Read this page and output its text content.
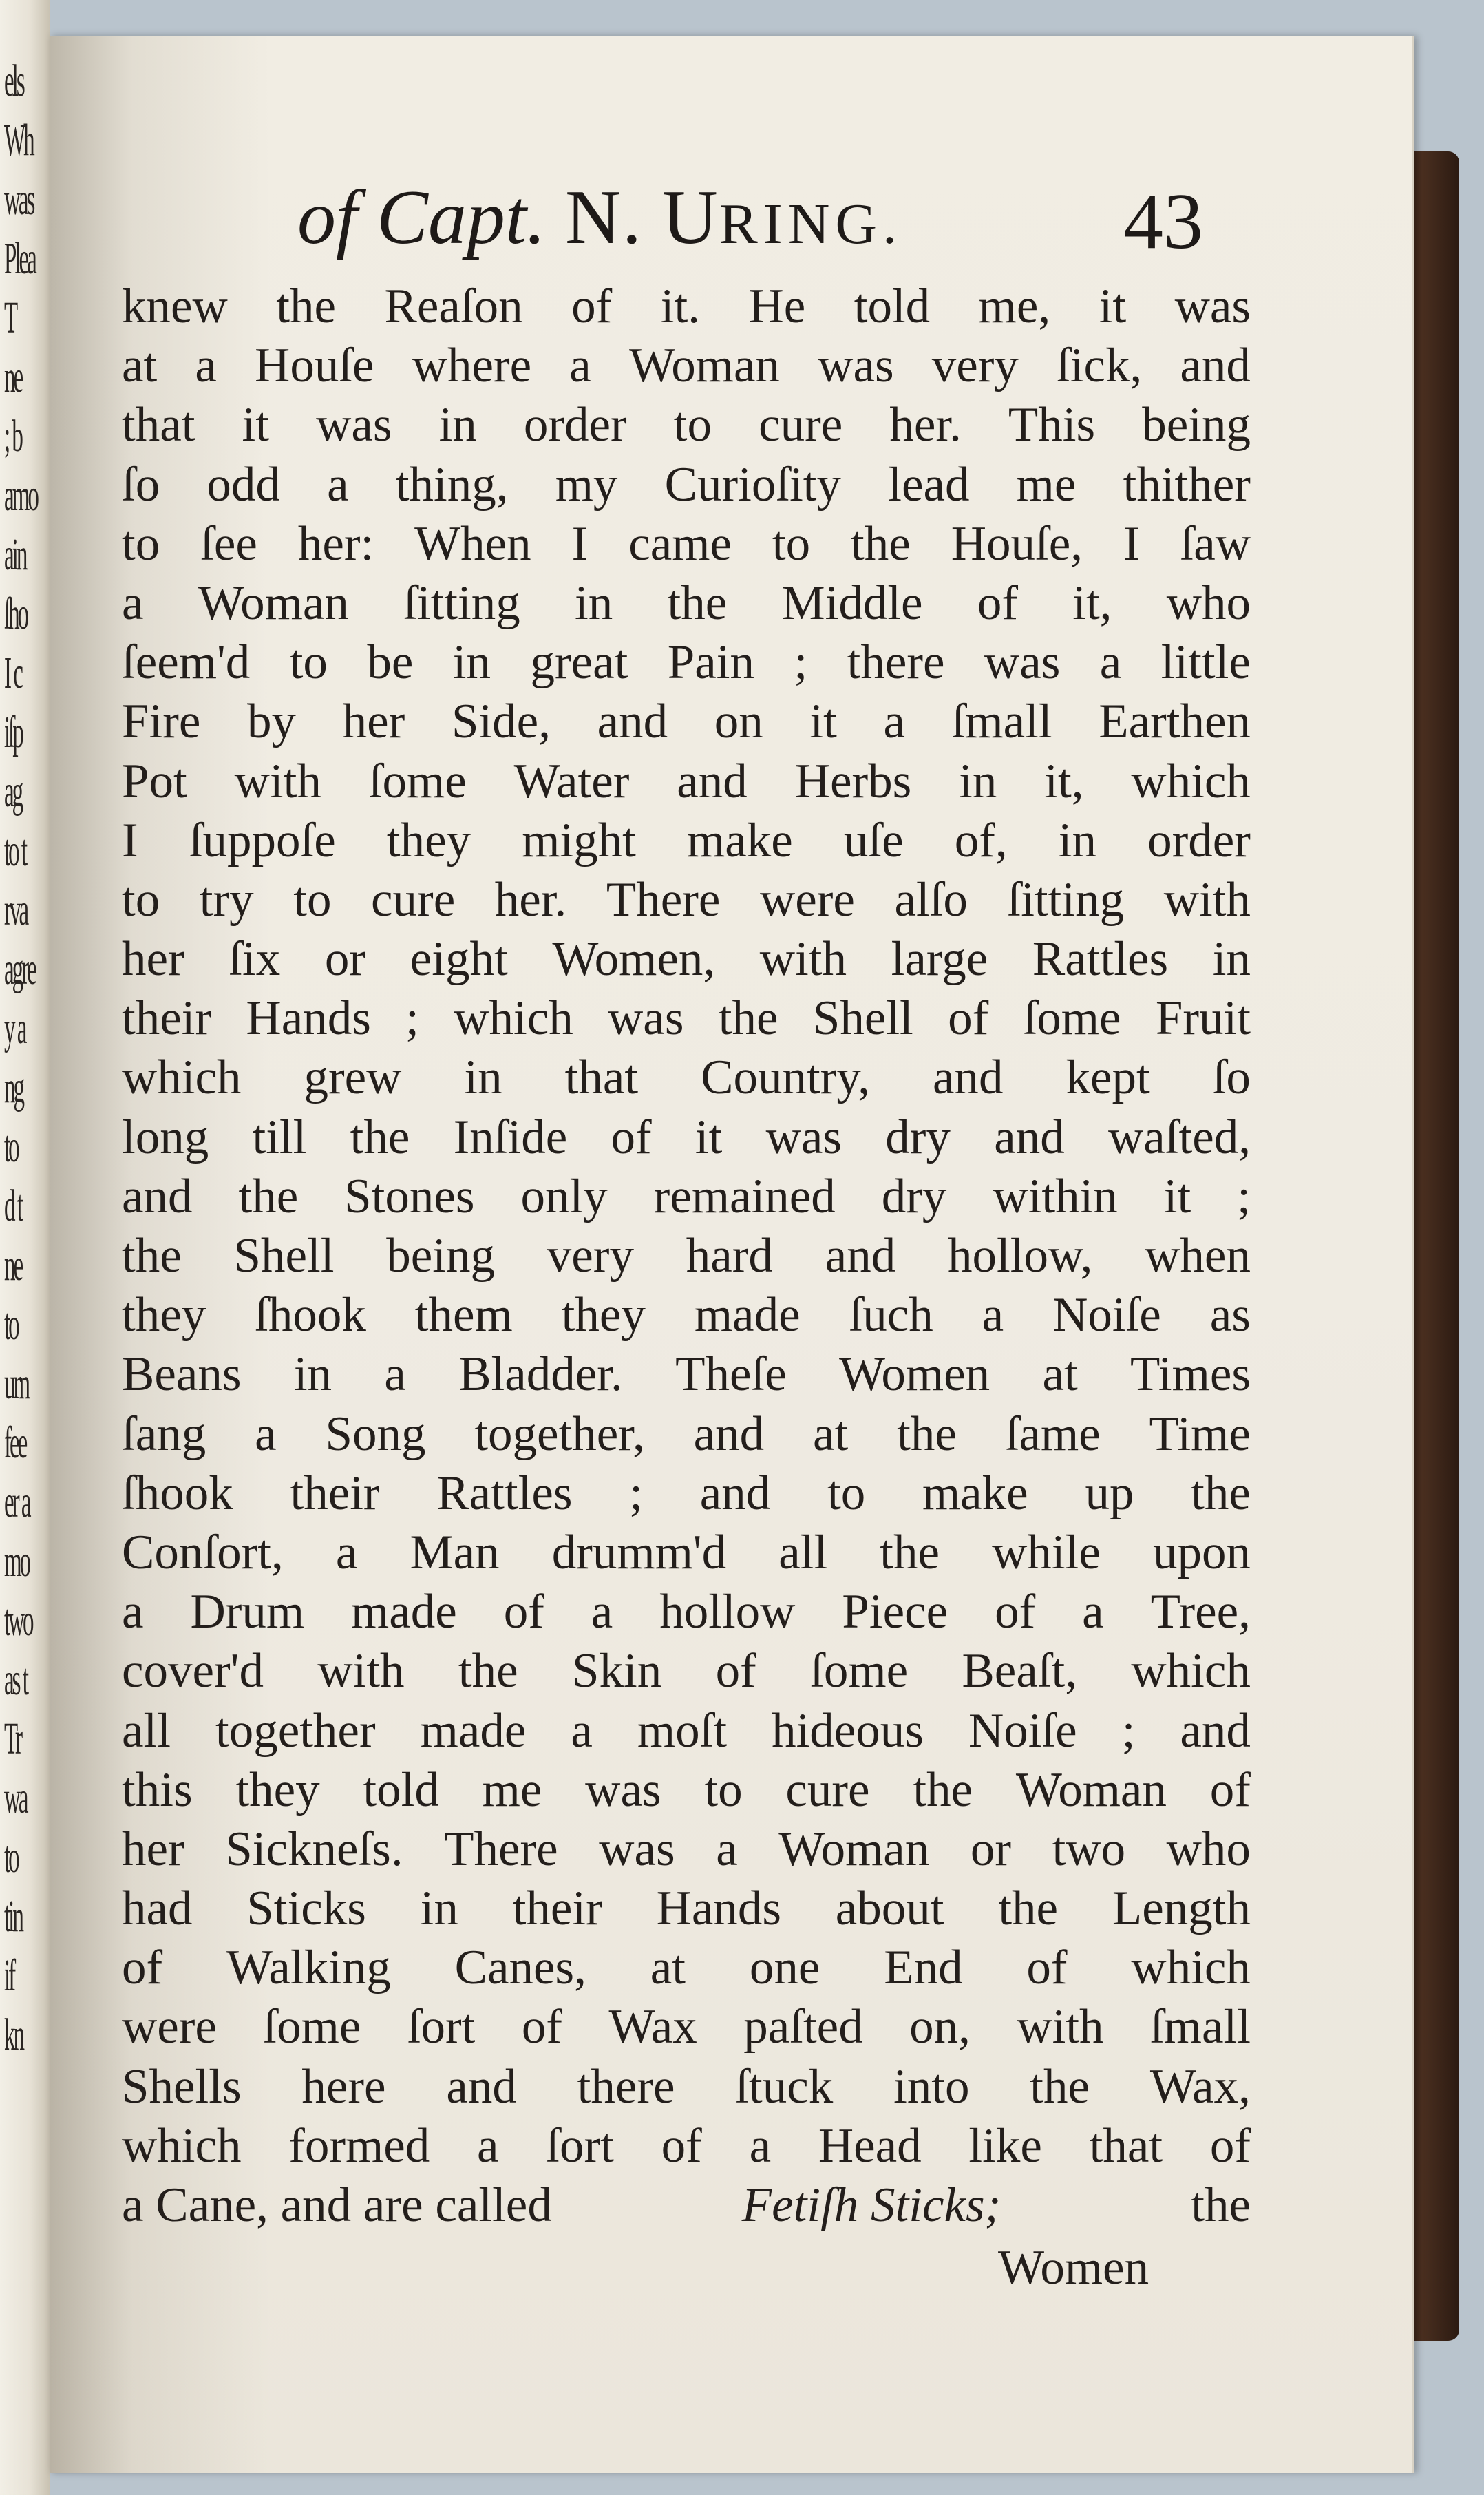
els
Wh
was
Plea
T
ne
; b
amo
ain
ſho
I c
iſp
ag
to t
rva
agre
y a
ng
to
d t
ne
to
urn
fee
er a
mo
two
as t
Tr
wa
to
tin
if
kn
of Capt. N. URING.	43
knew the Reaſon of it. He told me, it was
at a Houſe where a Woman was very ſick, and
that it was in order to cure her. This being
ſo odd a thing, my Curioſity lead me thither
to ſee her: When I came to the Houſe, I ſaw
a Woman ſitting in the Middle of it, who
ſeem'd to be in great Pain ; there was a little
Fire by her Side, and on it a ſmall Earthen
Pot with ſome Water and Herbs in it, which
I ſuppoſe they might make uſe of, in order
to try to cure her. There were alſo ſitting with
her ſix or eight Women, with large Rattles in
their Hands ; which was the Shell of ſome Fruit
which grew in that Country, and kept ſo
long till the Inſide of it was dry and waſted,
and the Stones only remained dry within it ;
the Shell being very hard and hollow, when
they ſhook them they made ſuch a Noiſe as
Beans in a Bladder. Theſe Women at Times
ſang a Song together, and at the ſame Time
ſhook their Rattles ; and to make up the
Conſort, a Man drumm'd all the while upon
a Drum made of a hollow Piece of a Tree,
cover'd with the Skin of ſome Beaſt, which
all together made a moſt hideous Noiſe ; and
this they told me was to cure the Woman of
her Sickneſs. There was a Woman or two who
had Sticks in their Hands about the Length
of Walking Canes, at one End of which
were ſome ſort of Wax paſted on, with ſmall
Shells here and there ſtuck into the Wax,
which formed a ſort of a Head like that of
a Cane, and are called	Fetiſh Sticks;	the
Women
